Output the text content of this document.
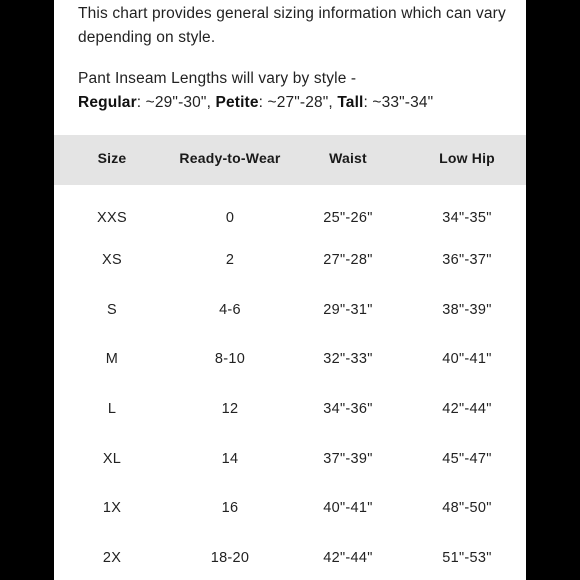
This chart provides general sizing information which can vary depending on style.

Pant Inseam Lengths will vary by style -
Regular: ~29"-30", Petite: ~27"-28", Tall: ~33"-34"

Size	Ready-to-Wear	Waist	Low Hip
XXS	0	25"-26"	34"-35"
XS	2	27"-28"	36"-37"
S	4-6	29"-31"	38"-39"
M	8-10	32"-33"	40"-41"
L	12	34"-36"	42"-44"
XL	14	37"-39"	45"-47"
1X	16	40"-41"	48"-50"
2X	18-20	42"-44"	51"-53"
